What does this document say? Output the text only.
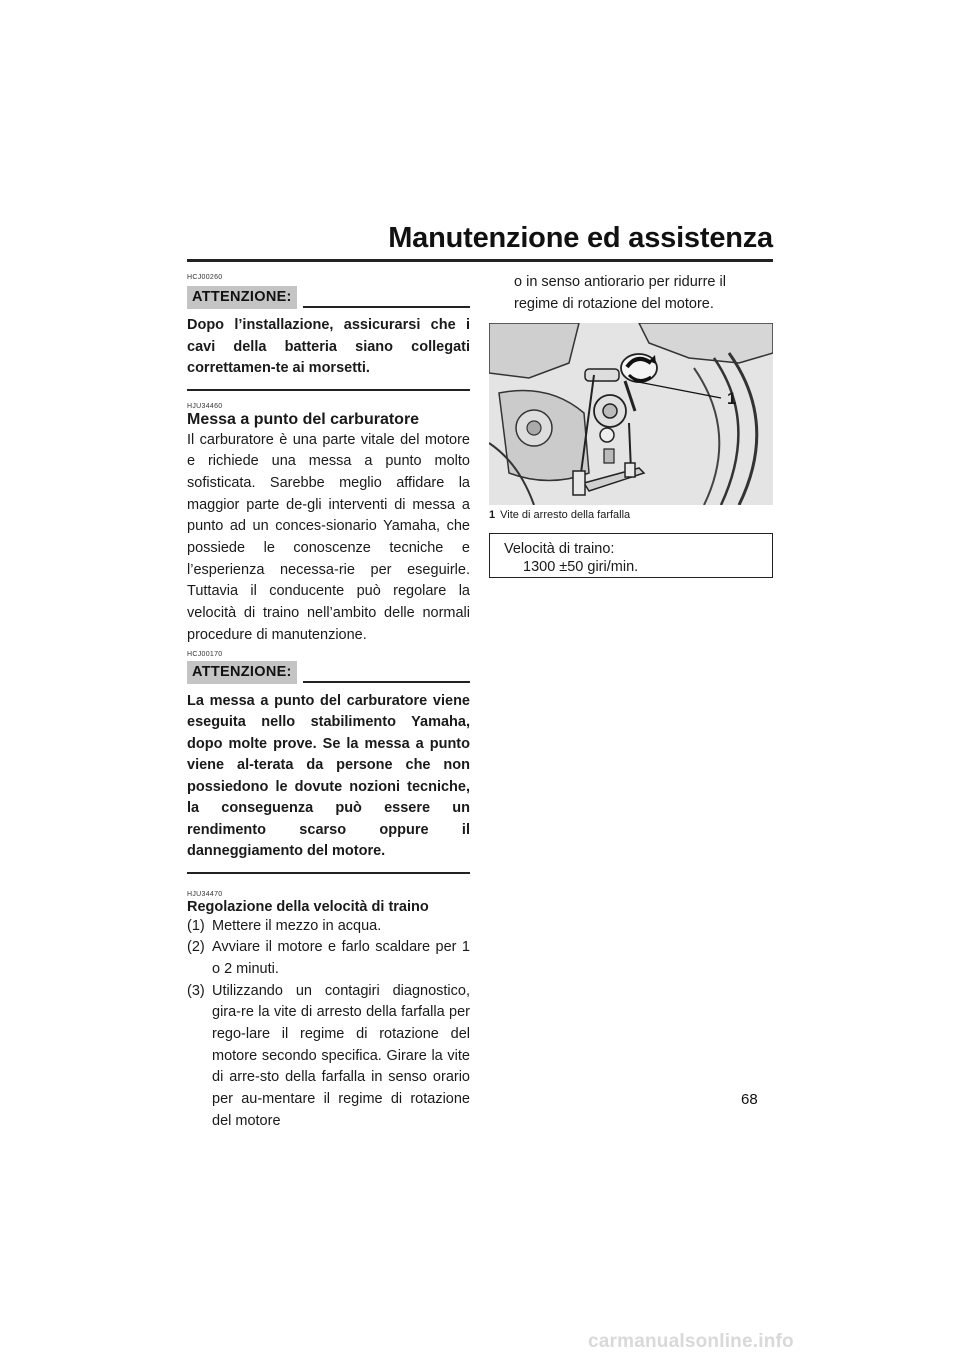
Manutenzione ed assistenza
HCJ00260
ATTENZIONE:
Dopo l’installazione, assicurarsi che i cavi della batteria siano collegati correttamen-te ai morsetti.
HJU34460
Messa a punto del carburatore
Il carburatore è una parte vitale del motore e richiede una messa a punto molto sofisticata. Sarebbe meglio affidare la maggior parte de-gli interventi di messa a punto ad un conces-sionario Yamaha, che possiede le conoscenze tecniche e l’esperienza necessa-rie per eseguirle. Tuttavia il conducente può regolare la velocità di traino nell’ambito delle normali procedure di manutenzione.
HCJ00170
ATTENZIONE:
La messa a punto del carburatore viene eseguita nello stabilimento Yamaha, dopo molte prove. Se la messa a punto viene al-terata da persone che non possiedono le dovute nozioni tecniche, la conseguenza può essere un rendimento scarso oppure il danneggiamento del motore.
HJU34470
Regolazione della velocità di traino
(1) Mettere il mezzo in acqua.
(2) Avviare il motore e farlo scaldare per 1 o 2 minuti.
(3) Utilizzando un contagiri diagnostico, gira-re la vite di arresto della farfalla per rego-lare il regime di rotazione del motore secondo specifica. Girare la vite di arre-sto della farfalla in senso orario per au-mentare il regime di rotazione del motore
o in senso antiorario per ridurre il regime di rotazione del motore.
1
1 Vite di arresto della farfalla
Velocità di traino:
1300 ±50 giri/min.
68
carmanualsonline.info
